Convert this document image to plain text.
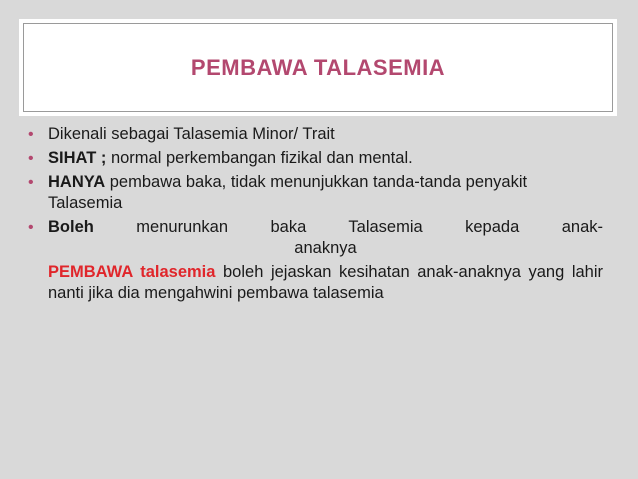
PEMBAWA TALASEMIA
• Dikenali sebagai Talasemia Minor/ Trait
• SIHAT ; normal perkembangan fizikal dan mental.
• HANYA pembawa baka, tidak menunjukkan tanda-tanda penyakit Talasemia
• Boleh menurunkan baka Talasemia kepada anak-
anaknya
PEMBAWA talasemia boleh jejaskan kesihatan anak-anaknya yang lahir nanti jika dia mengahwini pembawa talasemia
